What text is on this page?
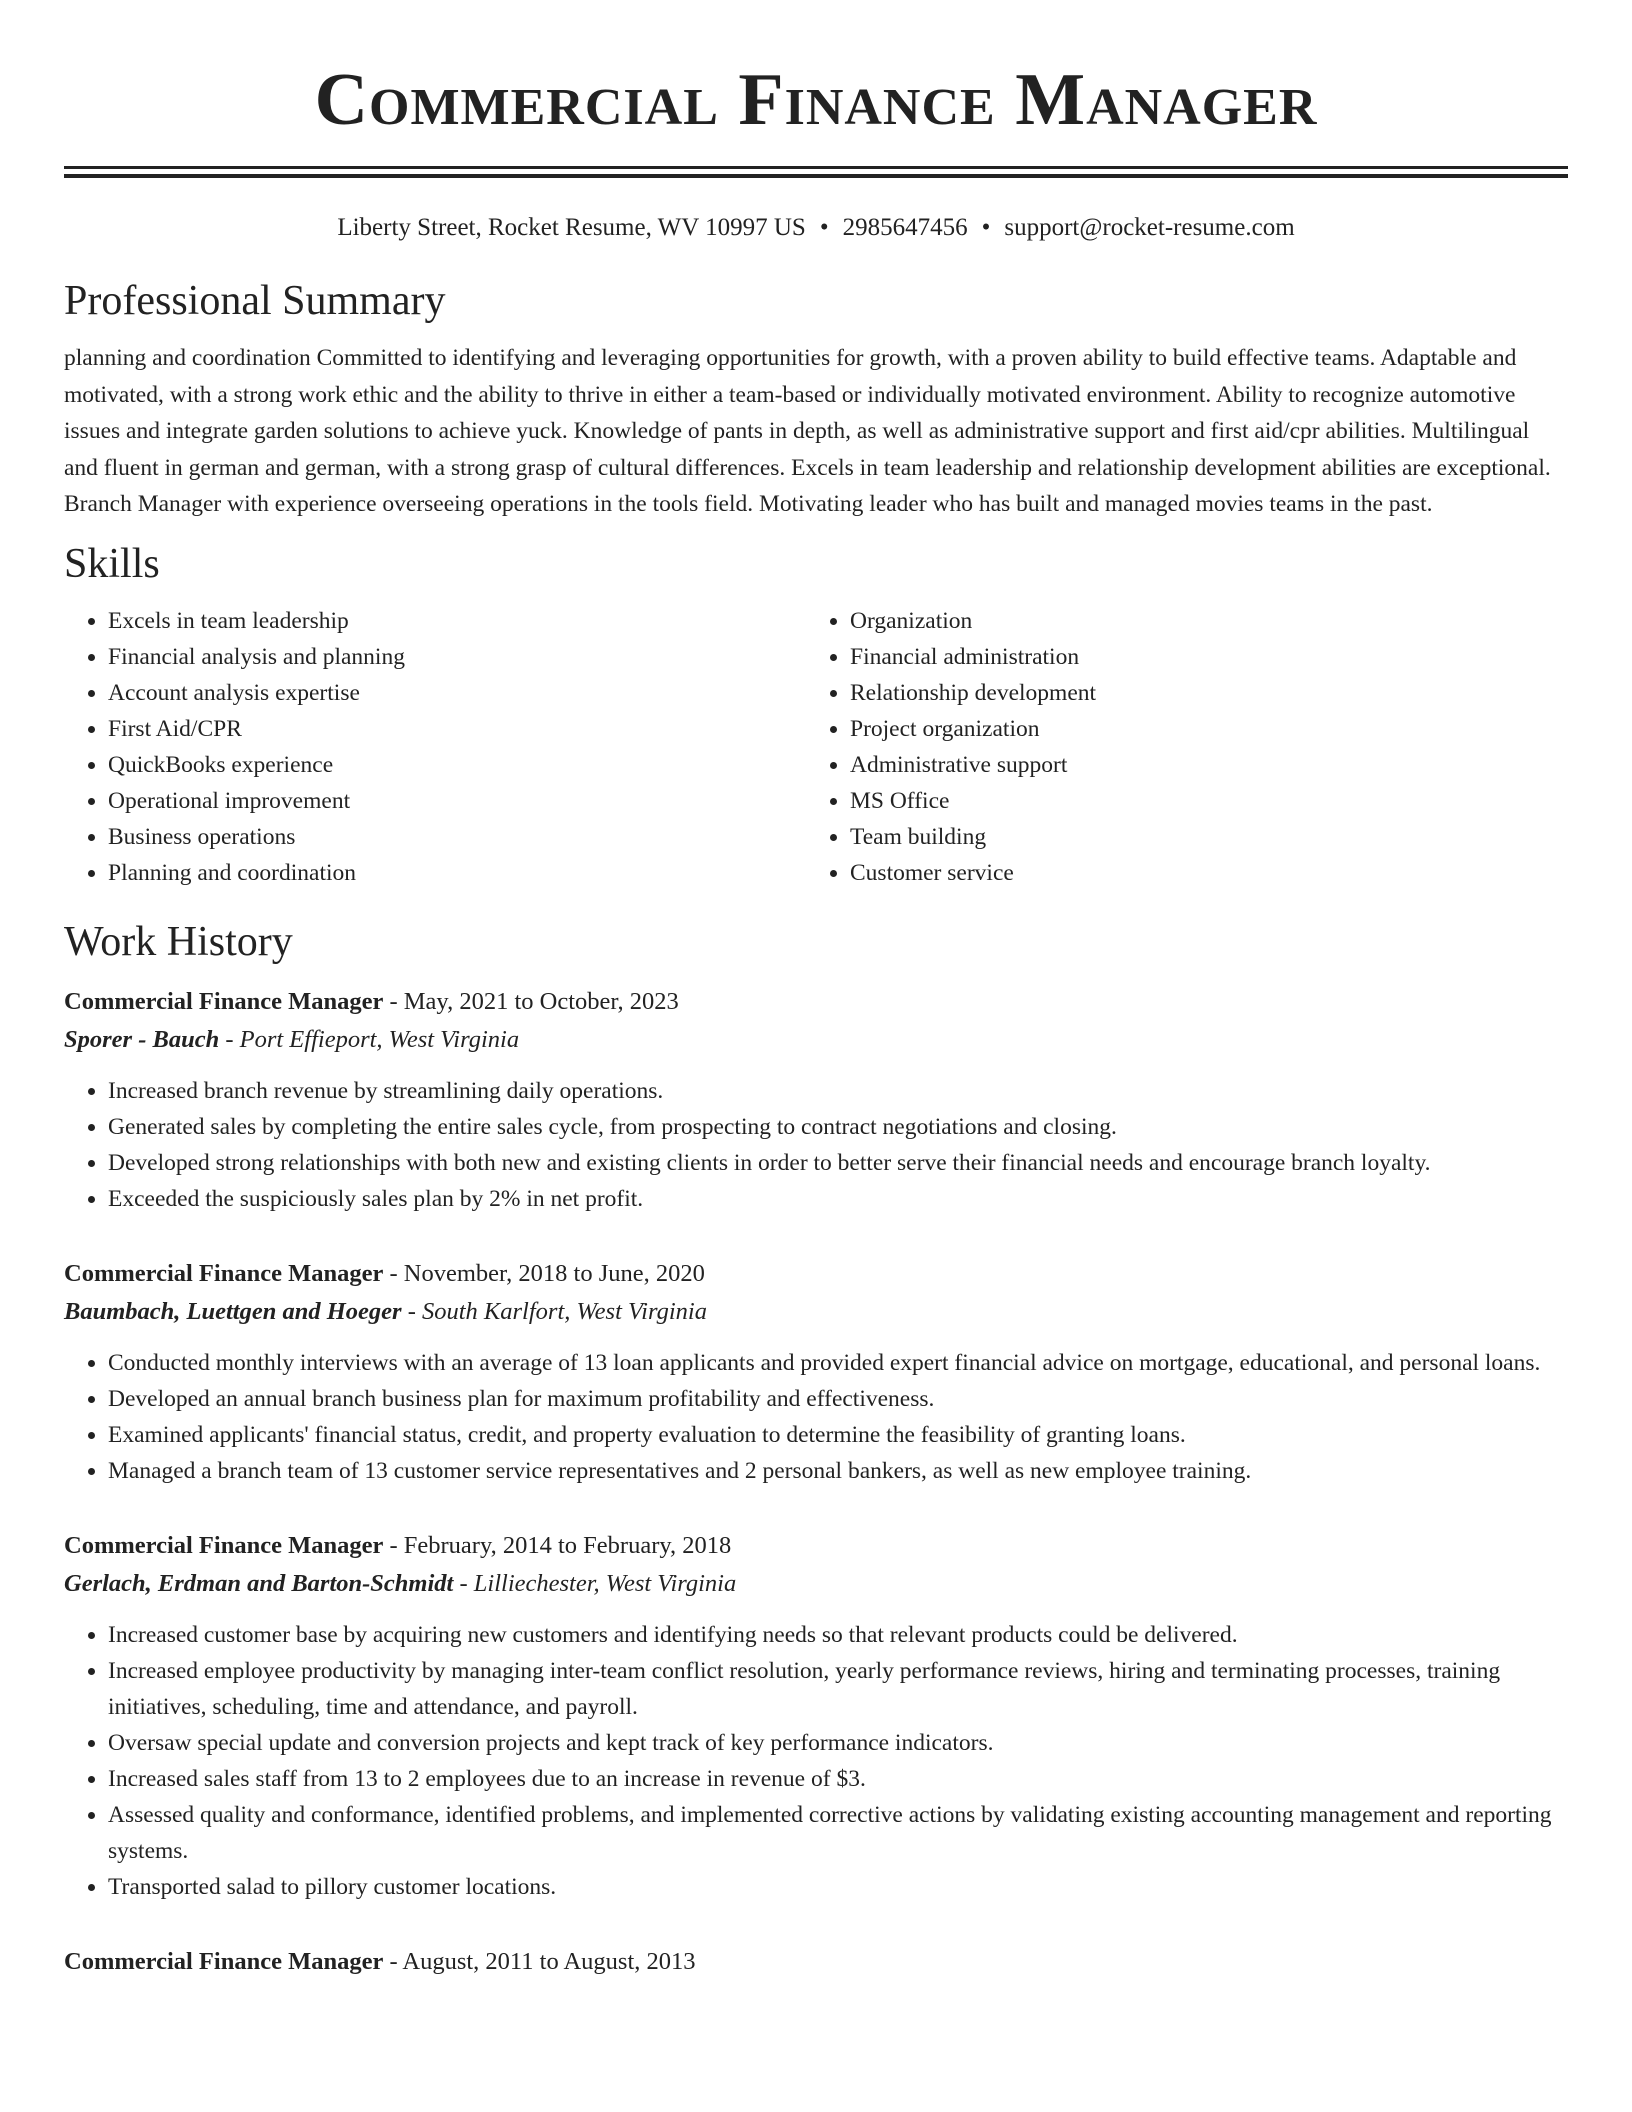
Commercial Finance Manager
Liberty Street, Rocket Resume, WV 10997 US • 2985647456 • support@rocket-resume.com
Professional Summary

planning and coordination Committed to identifying and leveraging opportunities for growth, with a proven ability to build effective teams. Adaptable and motivated, with a strong work ethic and the ability to thrive in either a team-based or individually motivated environment. Ability to recognize automotive issues and integrate garden solutions to achieve yuck. Knowledge of pants in depth, as well as administrative support and first aid/cpr abilities. Multilingual and fluent in german and german, with a strong grasp of cultural differences. Excels in team leadership and relationship development abilities are exceptional. Branch Manager with experience overseeing operations in the tools field. Motivating leader who has built and managed movies teams in the past.

Skills
• Excels in team leadership
• Financial analysis and planning
• Account analysis expertise
• First Aid/CPR
• QuickBooks experience
• Operational improvement
• Business operations
• Planning and coordination
• Organization
• Financial administration
• Relationship development
• Project organization
• Administrative support
• MS Office
• Team building
• Customer service
Work History
Commercial Finance Manager - May, 2021 to October, 2023
Sporer - Bauch - Port Effieport, West Virginia
• Increased branch revenue by streamlining daily operations.
• Generated sales by completing the entire sales cycle, from prospecting to contract negotiations and closing.
• Developed strong relationships with both new and existing clients in order to better serve their financial needs and encourage branch loyalty.
• Exceeded the suspiciously sales plan by 2% in net profit.
Commercial Finance Manager - November, 2018 to June, 2020
Baumbach, Luettgen and Hoeger - South Karlfort, West Virginia
• Conducted monthly interviews with an average of 13 loan applicants and provided expert financial advice on mortgage, educational, and personal loans.
• Developed an annual branch business plan for maximum profitability and effectiveness.
• Examined applicants' financial status, credit, and property evaluation to determine the feasibility of granting loans.
• Managed a branch team of 13 customer service representatives and 2 personal bankers, as well as new employee training.
Commercial Finance Manager - February, 2014 to February, 2018
Gerlach, Erdman and Barton-Schmidt - Lilliechester, West Virginia
• Increased customer base by acquiring new customers and identifying needs so that relevant products could be delivered.
• Increased employee productivity by managing inter-team conflict resolution, yearly performance reviews, hiring and terminating processes, training initiatives, scheduling, time and attendance, and payroll.
• Oversaw special update and conversion projects and kept track of key performance indicators.
• Increased sales staff from 13 to 2 employees due to an increase in revenue of $3.
• Assessed quality and conformance, identified problems, and implemented corrective actions by validating existing accounting management and reporting systems.
• Transported salad to pillory customer locations.
Commercial Finance Manager - August, 2011 to August, 2013
